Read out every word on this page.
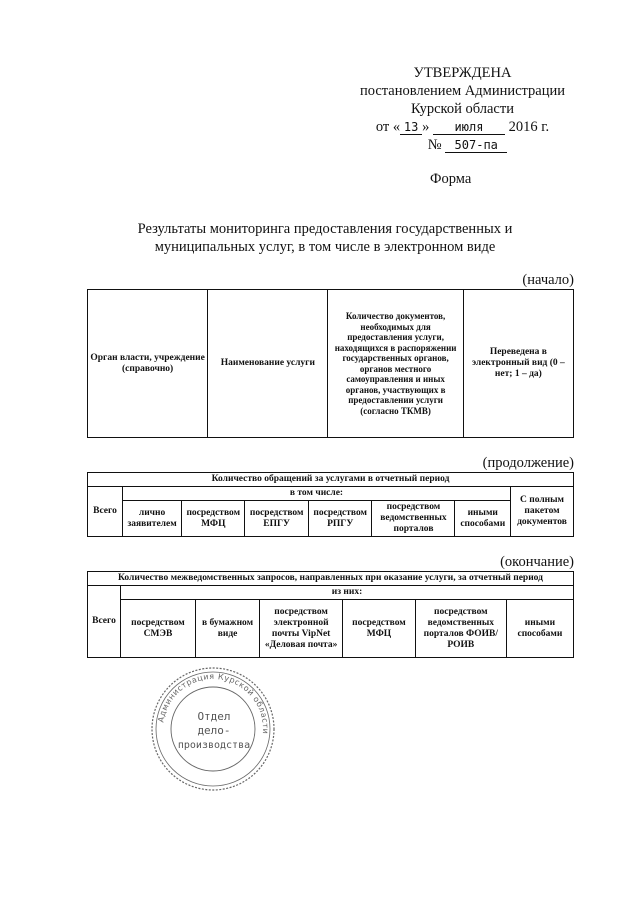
УТВЕРЖДЕНА
постановлением Администрации
Курской области
от « 13 » июля 2016 г.
№ 507-па
Форма
Результаты мониторинга предоставления государственных и
муниципальных услуг, в том числе в электронном виде
(начало)
Орган власти, учреждение (справочно)	Наименование услуги	Количество документов, необходимых для предоставления услуги, находящихся в распоряжении государственных органов, органов местного самоуправления и иных органов, участвующих в предоставлении услуги (согласно ТКМВ)	Переведена в электронный вид (0 – нет; 1 – да)
(продолжение)
Количество обращений за услугами в отчетный период							
Всего	в том числе:						С полным пакетом документов
	лично заявителем	посредством МФЦ	посредством ЕПГУ	посредством РПГУ	посредством ведомственных порталов	иными способами	
(окончание)
Количество межведомственных запросов, направленных при оказание услуги, за отчетный период						
Всего	из них:					
	посредством СМЭВ	в бумажном виде	посредством электронной почты VipNet «Деловая почта»	посредством МФЦ	посредством ведомственных порталов ФОИВ/РОИВ	иными способами
Администрация Курской области
Отдел
дело-
производства
